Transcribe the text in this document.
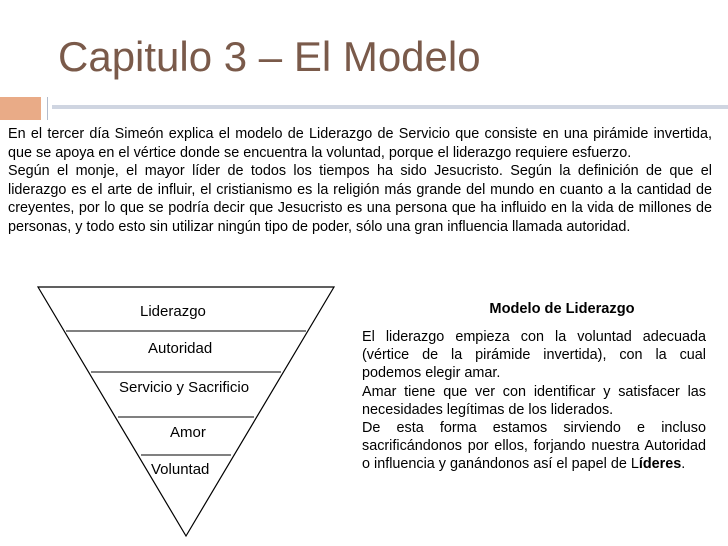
Capitulo 3 – El Modelo

En el tercer día Simeón explica el modelo de Liderazgo de Servicio que consiste en una pirámide invertida, que se apoya en el vértice donde se encuentra la voluntad, porque el liderazgo requiere esfuerzo.

Según el monje, el mayor líder de todos los tiempos ha sido Jesucristo. Según la definición de que el liderazgo es el arte de influir, el cristianismo es la religión más grande del mundo en cuanto a la cantidad de creyentes, por lo que se podría decir que Jesucristo es una persona que ha influido en la vida de millones de personas, y todo esto sin utilizar ningún tipo de poder, sólo una gran influencia llamada autoridad.

Liderazgo
Autoridad
Servicio y Sacrificio
Amor
Voluntad
Modelo de Liderazgo

El liderazgo empieza con la voluntad adecuada (vértice de la pirámide invertida), con la cual podemos elegir amar.

Amar tiene que ver con identificar y satisfacer las necesidades legítimas de los liderados.

De esta forma estamos sirviendo e incluso sacrificándonos por ellos, forjando nuestra Autoridad o influencia y ganándonos así el papel de Líderes.
